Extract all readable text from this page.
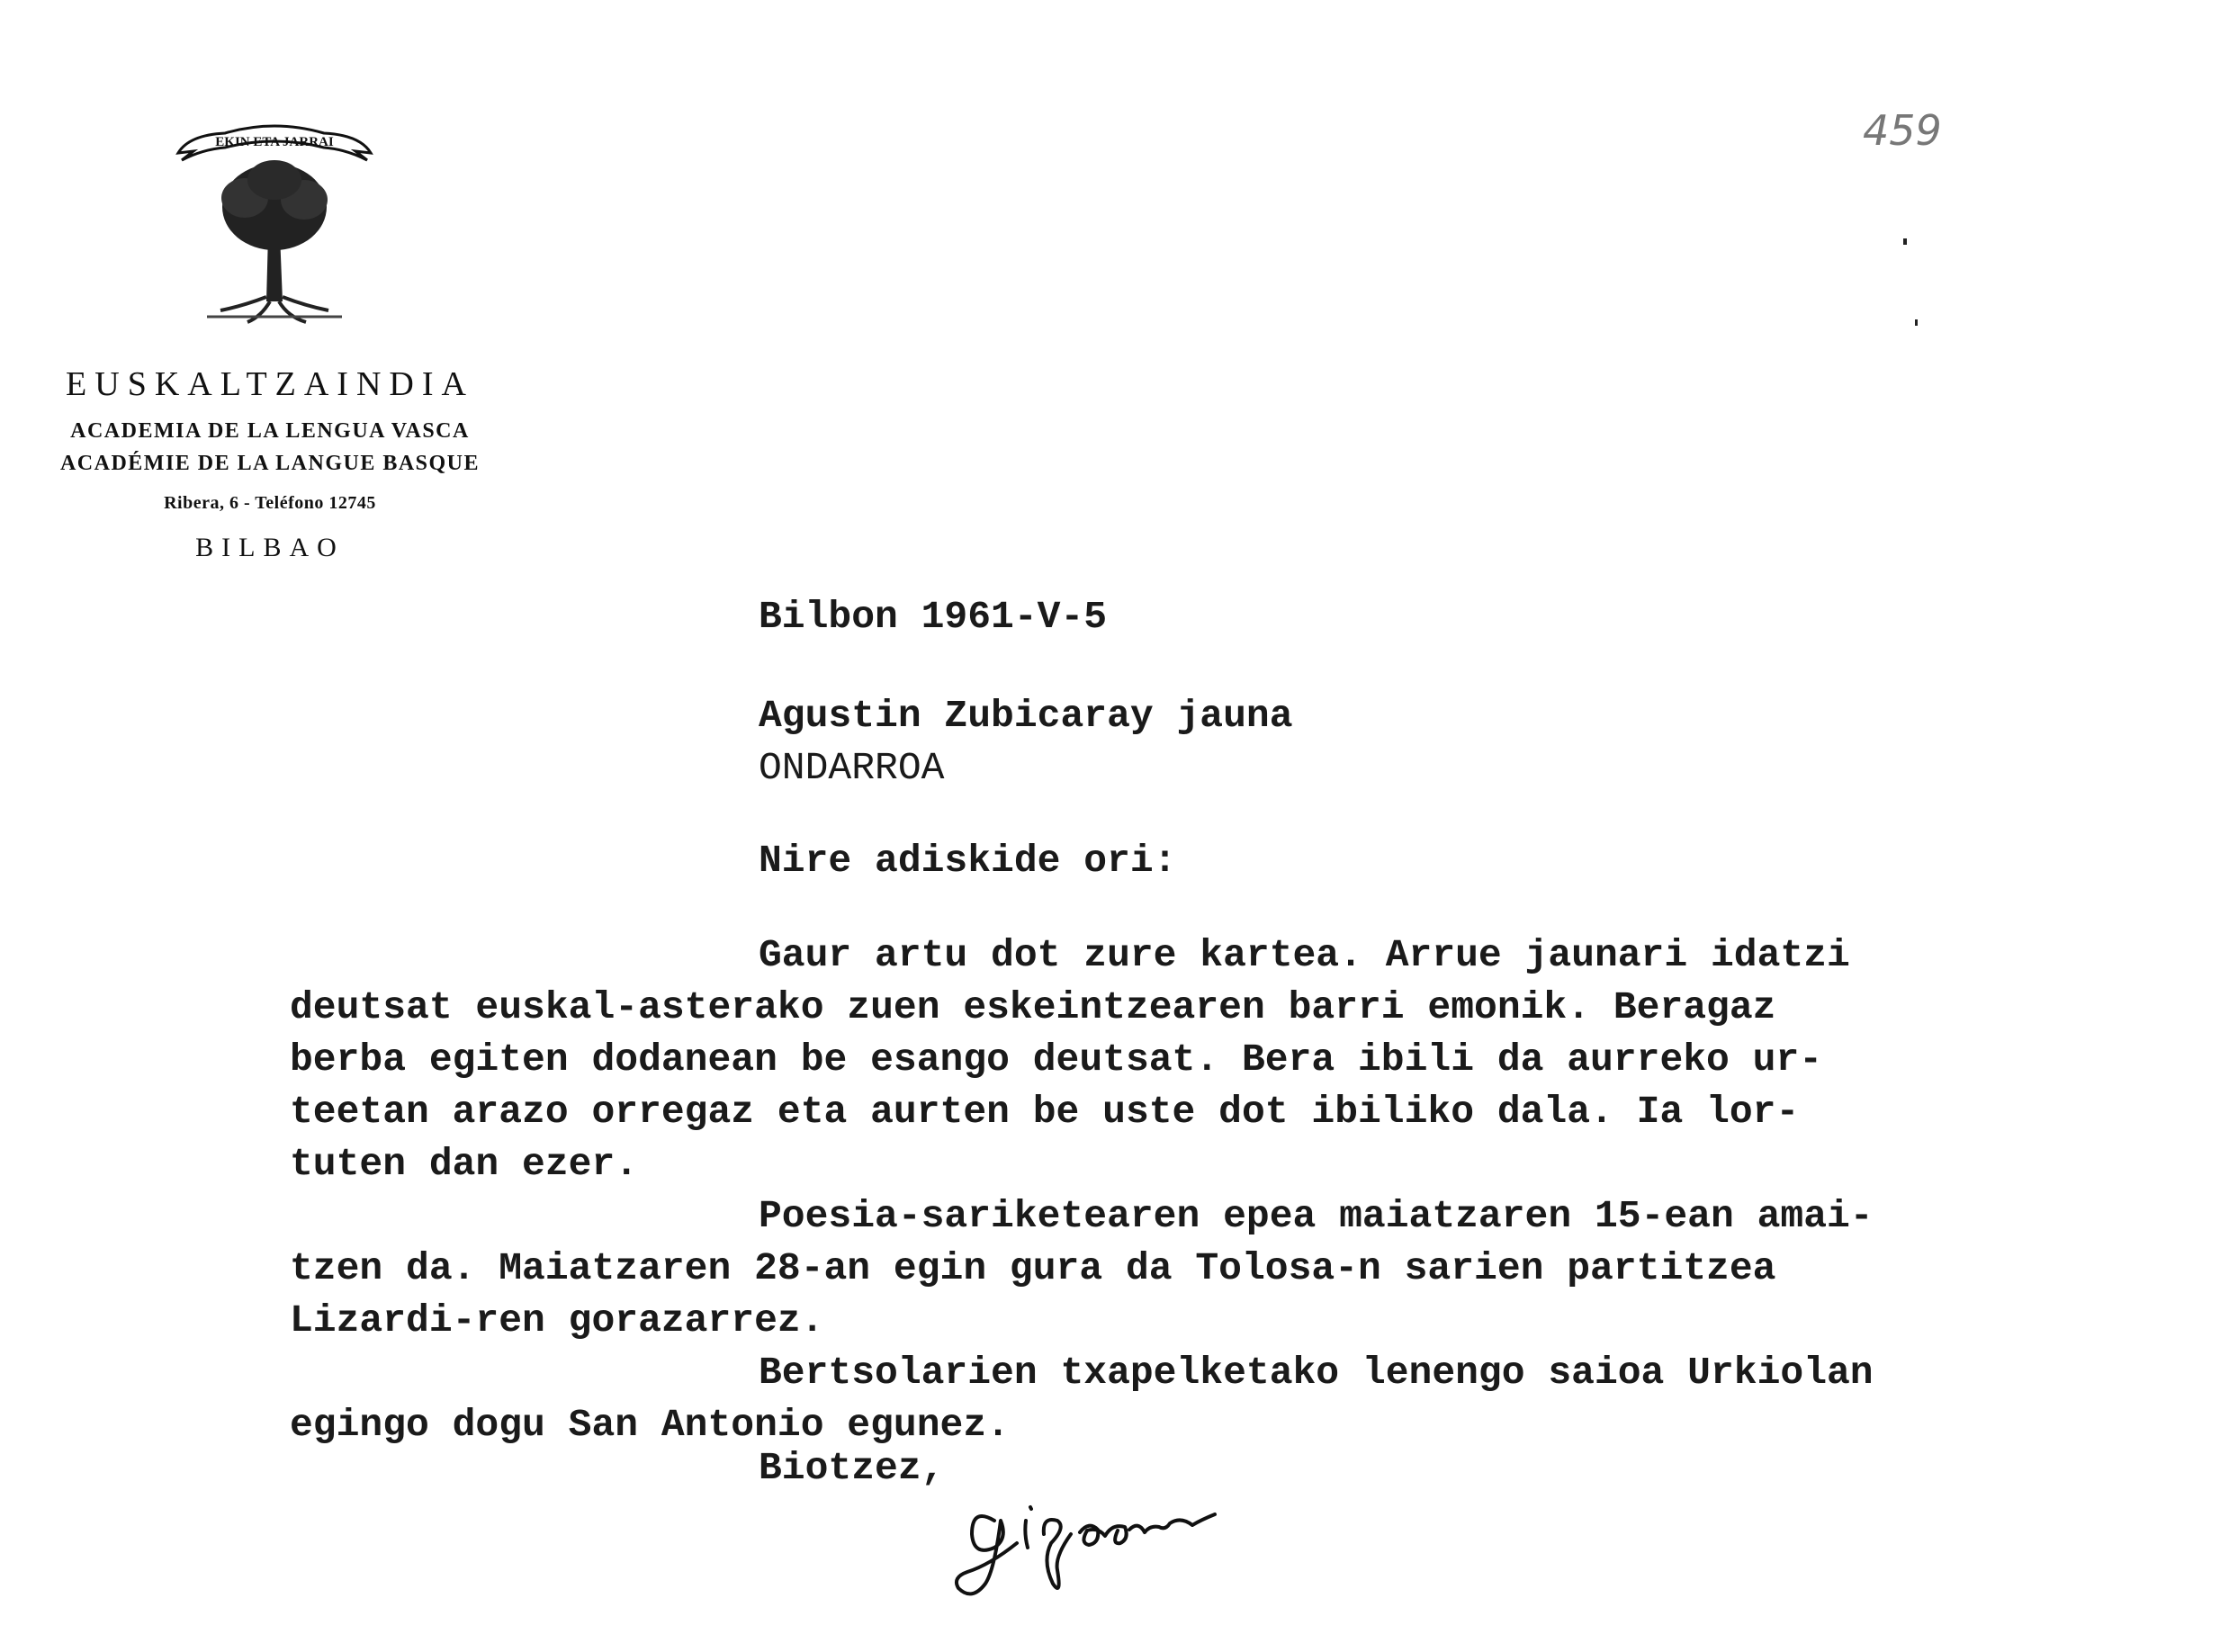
EKIN ETA JARRAI
EUSKALTZAINDIA
ACADEMIA DE LA LENGUA VASCA
ACADÉMIE DE LA LANGUE BASQUE
Ribera, 6 - Teléfono 12745
BILBAO
459
Bilbon 1961-V-5
Agustin Zubicaray jauna
ONDARROA
Nire adiskide ori:
Gaur artu dot zure kartea. Arrue jaunari idatzi
deutsat euskal-asterako zuen eskeintzearen barri emonik. Beragaz
berba egiten dodanean be esango deutsat. Bera ibili da aurreko ur-
teetan arazo orregaz eta aurten be uste dot ibiliko dala. Ia lor-
tuten dan ezer.
Poesia-sariketearen epea maiatzaren 15-ean amai-
tzen da. Maiatzaren 28-an egin gura da Tolosa-n sarien partitzea
Lizardi-ren gorazarrez.
Bertsolarien txapelketako lenengo saioa Urkiolan
egingo dogu San Antonio egunez.
Biotzez,
